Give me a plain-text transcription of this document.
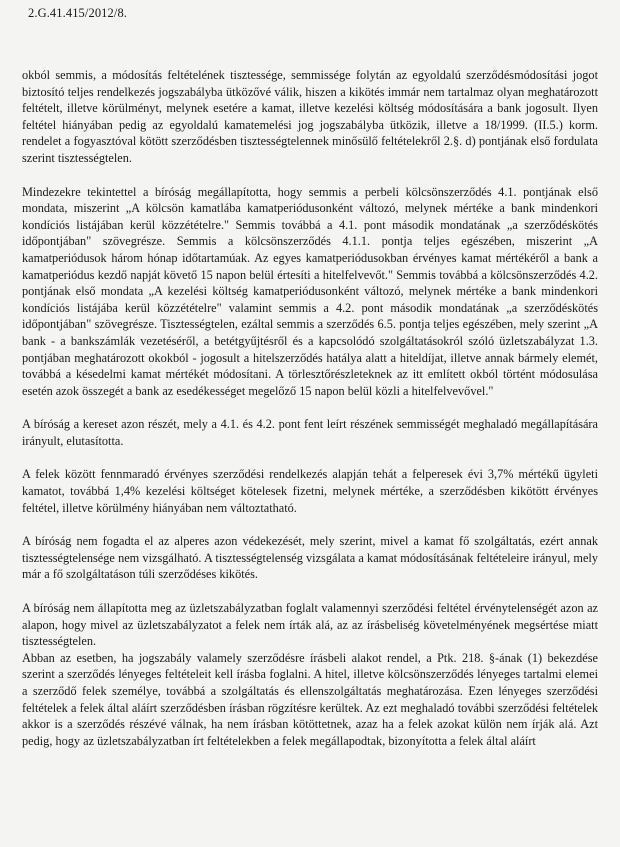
2.G.41.415/2012/8.

okból semmis, a módosítás feltételének tisztessége, semmissége folytán az egyoldalú szerződésmódosítási jogot biztosító teljes rendelkezés jogszabályba ütközővé válik, hiszen a kikötés immár nem tartalmaz olyan meghatározott feltételt, illetve körülményt, melynek esetére a kamat, illetve kezelési költség módosítására a bank jogosult. Ilyen feltétel hiányában pedig az egyoldalú kamatemelési jog jogszabályba ütközik, illetve a 18/1999. (II.5.) korm. rendelet a fogyasztóval kötött szerződésben tisztességtelennek minősülő feltételekről 2.§. d) pontjának első fordulata szerint tisztességtelen.

Mindezekre tekintettel a bíróság megállapította, hogy semmis a perbeli kölcsönszerződés 4.1. pontjának első mondata, miszerint „A kölcsön kamatlába kamatperiódusonként változó, melynek mértéke a bank mindenkori kondíciós listájában kerül közzétételre." Semmis továbbá a 4.1. pont második mondatának „a szerződéskötés időpontjában" szövegrésze. Semmis a kölcsönszerződés 4.1.1. pontja teljes egészében, miszerint „A kamatperiódusok három hónap időtartamúak. Az egyes kamatperiódusokban érvényes kamat mértékéről a bank a kamatperiódus kezdő napját követő 15 napon belül értesíti a hitelfelvevőt." Semmis továbbá a kölcsönszerződés 4.2. pontjának első mondata „A kezelési költség kamatperiódusonként változó, melynek mértéke a bank mindenkori kondíciós listájába kerül közzétételre" valamint semmis a 4.2. pont második mondatának „a szerződéskötés időpontjában" szövegrésze. Tisztességtelen, ezáltal semmis a szerződés 6.5. pontja teljes egészében, mely szerint „A bank - a bankszámlák vezetéséről, a betétgyűjtésről és a kapcsolódó szolgáltatásokról szóló üzletszabályzat 1.3. pontjában meghatározott okokból - jogosult a hitelszerződés hatálya alatt a hiteldíjat, illetve annak bármely elemét, továbbá a késedelmi kamat mértékét módosítani. A törlesztőrészleteknek az itt említett okból történt módosulása esetén azok összegét a bank az esedékességet megelőző 15 napon belül közli a hitelfelvevővel."

A bíróság a kereset azon részét, mely a 4.1. és 4.2. pont fent leírt részének semmisségét meghaladó megállapítására irányult, elutasította.

A felek között fennmaradó érvényes szerződési rendelkezés alapján tehát a felperesek évi 3,7% mértékű ügyleti kamatot, továbbá 1,4% kezelési költséget kötelesek fizetni, melynek mértéke, a szerződésben kikötött érvényes feltétel, illetve körülmény hiányában nem változtatható.

A bíróság nem fogadta el az alperes azon védekezését, mely szerint, mivel a kamat fő szolgáltatás, ezért annak tisztességtelensége nem vizsgálható. A tisztességtelenség vizsgálata a kamat módosításának feltételeire irányul, mely már a fő szolgáltatáson túli szerződéses kikötés.

A bíróság nem állapította meg az üzletszabályzatban foglalt valamennyi szerződési feltétel érvénytelenségét azon az alapon, hogy mivel az üzletszabályzatot a felek nem írták alá, az az írásbeliség követelményének megsértése miatt tisztességtelen.

Abban az esetben, ha jogszabály valamely szerződésre írásbeli alakot rendel, a Ptk. 218. §-ának (1) bekezdése szerint a szerződés lényeges feltételeit kell írásba foglalni. A hitel, illetve kölcsönszerződés lényeges tartalmi elemei a szerződő felek személye, továbbá a szolgáltatás és ellenszolgáltatás meghatározása. Ezen lényeges szerződési feltételek a felek által aláírt szerződésben írásban rögzítésre kerültek. Az ezt meghaladó további szerződési feltételek akkor is a szerződés részévé válnak, ha nem írásban kötöttetnek, azaz ha a felek azokat külön nem írják alá. Azt pedig, hogy az üzletszabályzatban írt feltételekben a felek megállapodtak, bizonyította a felek által aláírt
